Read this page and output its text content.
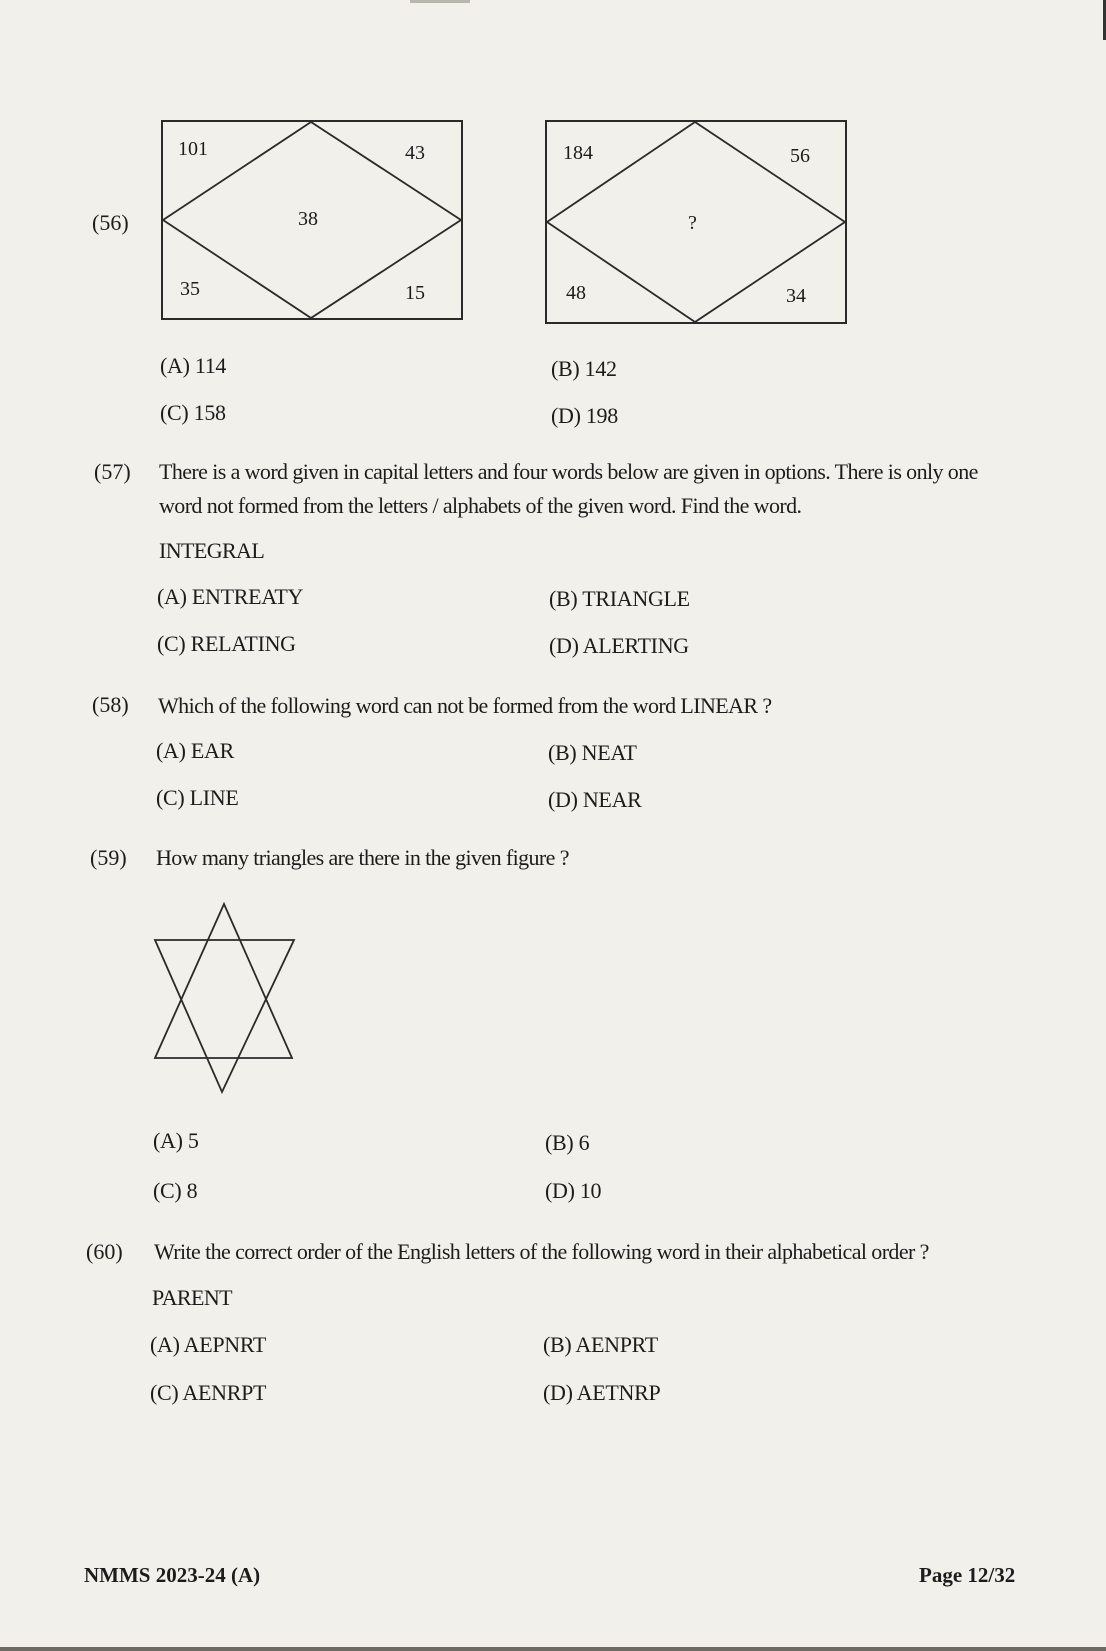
(56)
101	43
38
35	15
184	56
?
48	34
(A) 114	(B) 142
(C) 158	(D) 198
(57) There is a word given in capital letters and four words below are given in options. There is only one
word not formed from the letters / alphabets of the given word. Find the word.
INTEGRAL
(A) ENTREATY	(B) TRIANGLE
(C) RELATING	(D) ALERTING
(58) Which of the following word can not be formed from the word LINEAR ?
(A) EAR	(B) NEAT
(C) LINE	(D) NEAR
(59) How many triangles are there in the given figure ?
(A) 5	(B) 6
(C) 8	(D) 10
(60) Write the correct order of the English letters of the following word in their alphabetical order ?
PARENT
(A) AEPNRT	(B) AENPRT
(C) AENRPT	(D) AETNRP
NMMS 2023-24 (A)	Page 12/32
